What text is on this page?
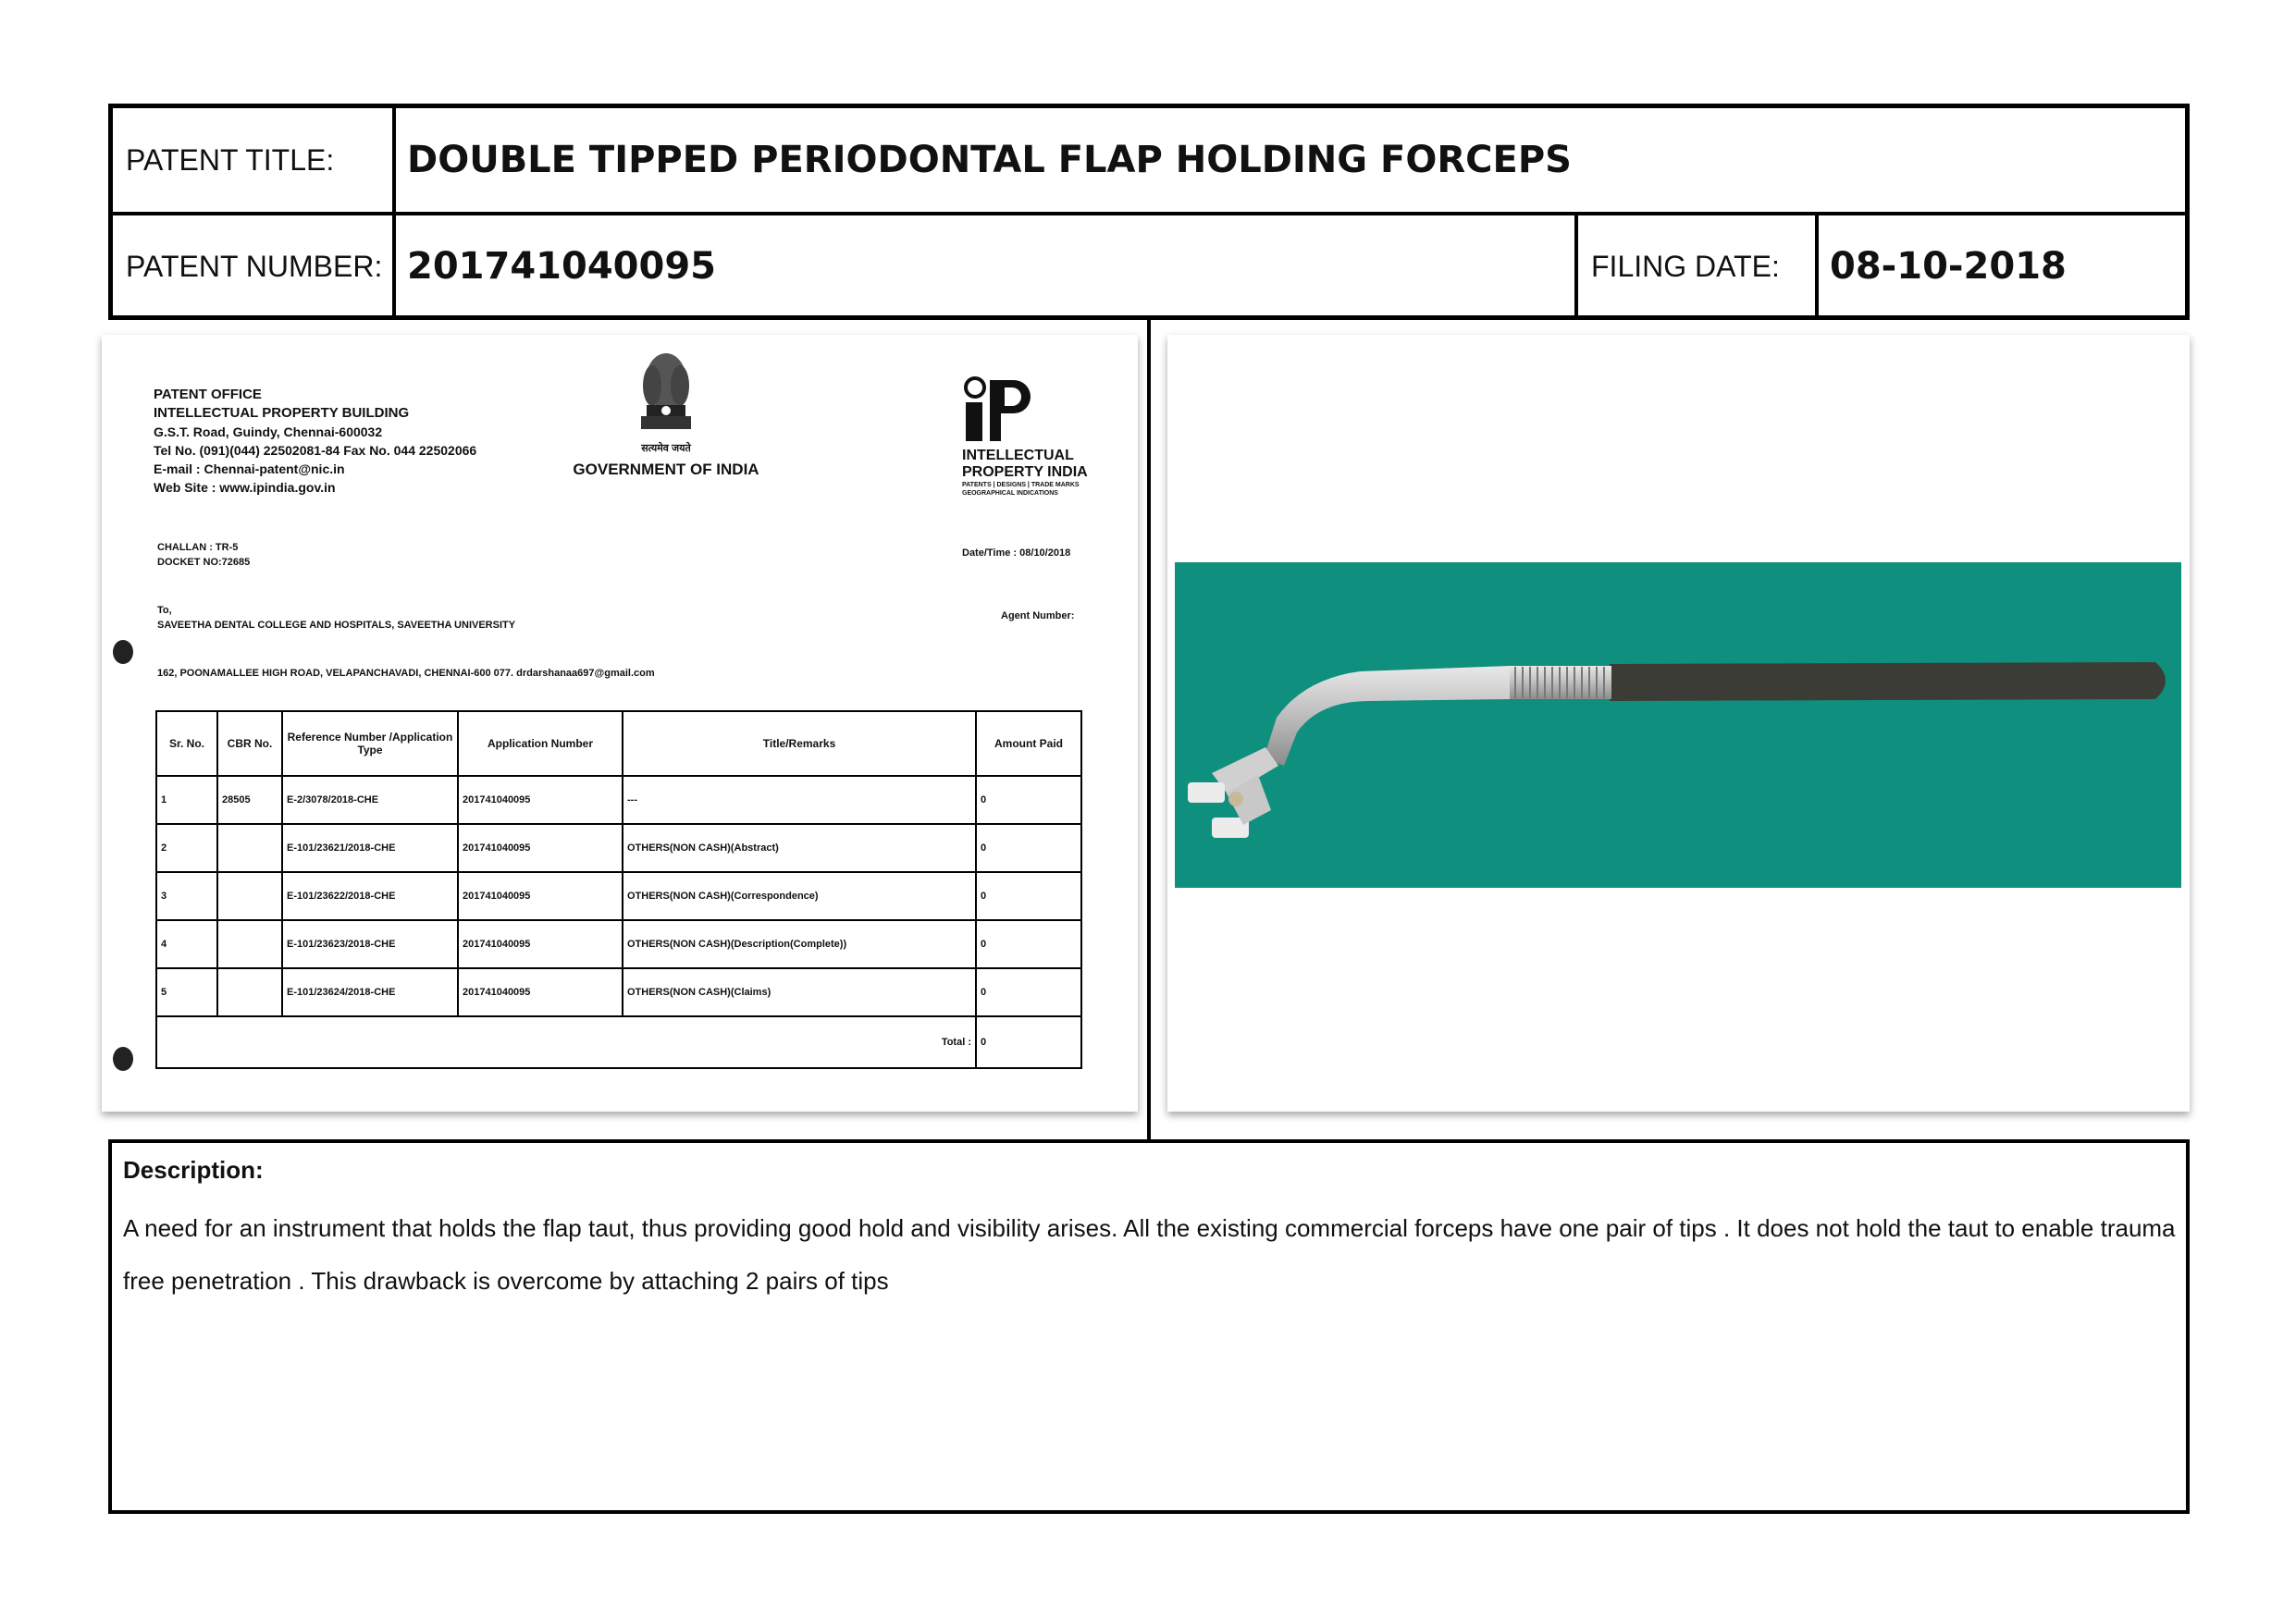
PATENT TITLE:	DOUBLE TIPPED PERIODONTAL FLAP HOLDING FORCEPS
PATENT NUMBER: 201741040095	FILING DATE:	08-10-2018
PATENT OFFICE
INTELLECTUAL PROPERTY BUILDING
G.S.T. Road, Guindy, Chennai-600032
Tel No. (091)(044) 22502081-84 Fax No. 044 22502066
E-mail : Chennai-patent@nic.in
Web Site : www.ipindia.gov.in
सत्यमेव जयते
GOVERNMENT OF INDIA
INTELLECTUAL
PROPERTY INDIA
PATENTS | DESIGNS | TRADE MARKS
GEOGRAPHICAL INDICATIONS
CHALLAN : TR-5
DOCKET NO:72685
Date/Time : 08/10/2018
To,
SAVEETHA DENTAL COLLEGE AND HOSPITALS, SAVEETHA UNIVERSITY
Agent Number:
162, POONAMALLEE HIGH ROAD, VELAPANCHAVADI, CHENNAI-600 077. drdarshanaa697@gmail.com
Sr. No.	CBR No.	Reference Number /Application Type	Application Number	Title/Remarks	Amount Paid
1	28505	E-2/3078/2018-CHE	201741040095	---	0
2		E-101/23621/2018-CHE	201741040095	OTHERS(NON CASH)(Abstract)	0
3		E-101/23622/2018-CHE	201741040095	OTHERS(NON CASH)(Correspondence)	0
4		E-101/23623/2018-CHE	201741040095	OTHERS(NON CASH)(Description(Complete))	0
5		E-101/23624/2018-CHE	201741040095	OTHERS(NON CASH)(Claims)	0
Total :					0
Description:
A need for an instrument that holds the flap taut, thus providing good hold and visibility arises. All the existing commercial forceps have one pair of tips . It does not hold the taut to enable trauma free penetration . This drawback is overcome by attaching 2 pairs of tips
